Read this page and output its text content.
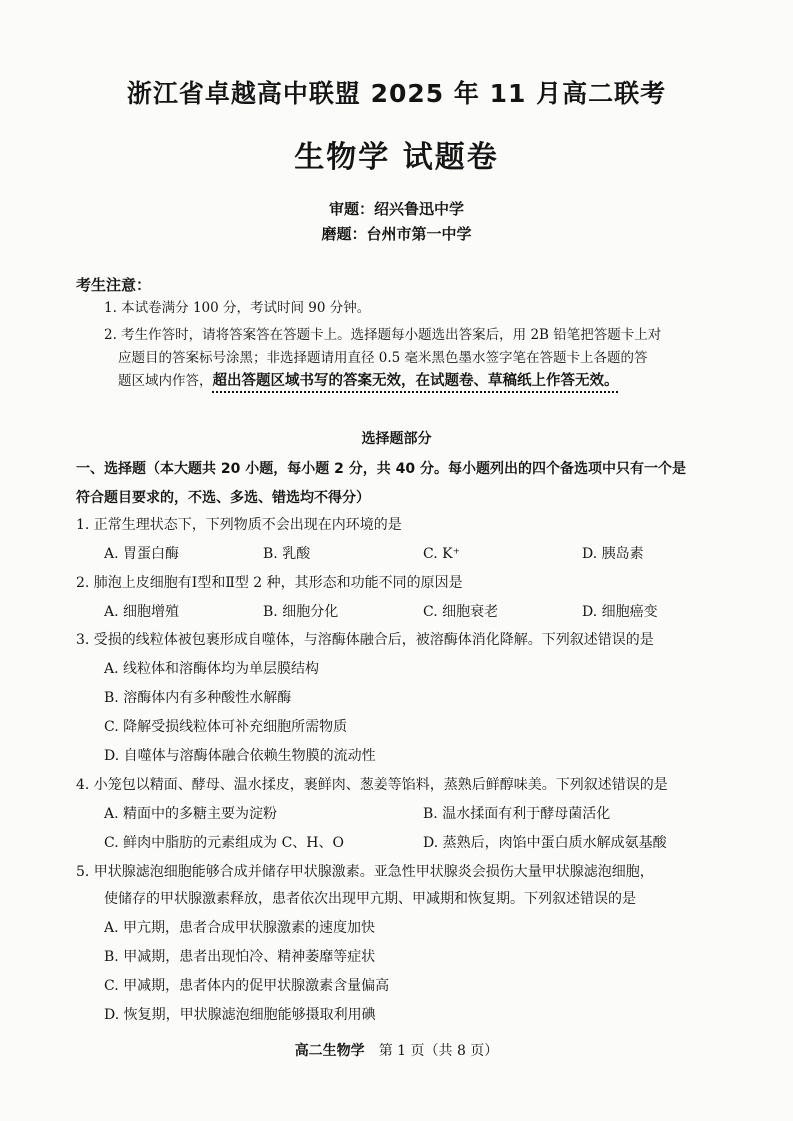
浙江省卓越高中联盟 2025 年 11 月高二联考
生物学 试题卷
审题：绍兴鲁迅中学
磨题：台州市第一中学
考生注意：
1. 本试卷满分 100 分，考试时间 90 分钟。
2. 考生作答时，请将答案答在答题卡上。选择题每小题选出答案后，用 2B 铅笔把答题卡上对
应题目的答案标号涂黑；非选择题请用直径 0.5 毫米黑色墨水签字笔在答题卡上各题的答
题区域内作答，超出答题区域书写的答案无效，在试题卷、草稿纸上作答无效。
选择题部分
一、选择题（本大题共 20 小题，每小题 2 分，共 40 分。每小题列出的四个备选项中只有一个是
符合题目要求的，不选、多选、错选均不得分）
1. 正常生理状态下，下列物质不会出现在内环境的是
A. 胃蛋白酶	B. 乳酸	C. K⁺	D. 胰岛素
2. 肺泡上皮细胞有Ⅰ型和Ⅱ型 2 种，其形态和功能不同的原因是
A. 细胞增殖	B. 细胞分化	C. 细胞衰老	D. 细胞癌变
3. 受损的线粒体被包裹形成自噬体，与溶酶体融合后，被溶酶体消化降解。下列叙述错误的是
A. 线粒体和溶酶体均为单层膜结构
B. 溶酶体内有多种酸性水解酶
C. 降解受损线粒体可补充细胞所需物质
D. 自噬体与溶酶体融合依赖生物膜的流动性
4. 小笼包以精面、酵母、温水揉皮，裹鲜肉、葱姜等馅料，蒸熟后鲜醇味美。下列叙述错误的是
A. 精面中的多糖主要为淀粉	B. 温水揉面有利于酵母菌活化
C. 鲜肉中脂肪的元素组成为 C、H、O	D. 蒸熟后，肉馅中蛋白质水解成氨基酸
5. 甲状腺滤泡细胞能够合成并储存甲状腺激素。亚急性甲状腺炎会损伤大量甲状腺滤泡细胞，
使储存的甲状腺激素释放，患者依次出现甲亢期、甲减期和恢复期。下列叙述错误的是
A. 甲亢期，患者合成甲状腺激素的速度加快
B. 甲减期，患者出现怕冷、精神萎靡等症状
C. 甲减期，患者体内的促甲状腺激素含量偏高
D. 恢复期，甲状腺滤泡细胞能够摄取利用碘
高二生物学 第 1 页（共 8 页）
